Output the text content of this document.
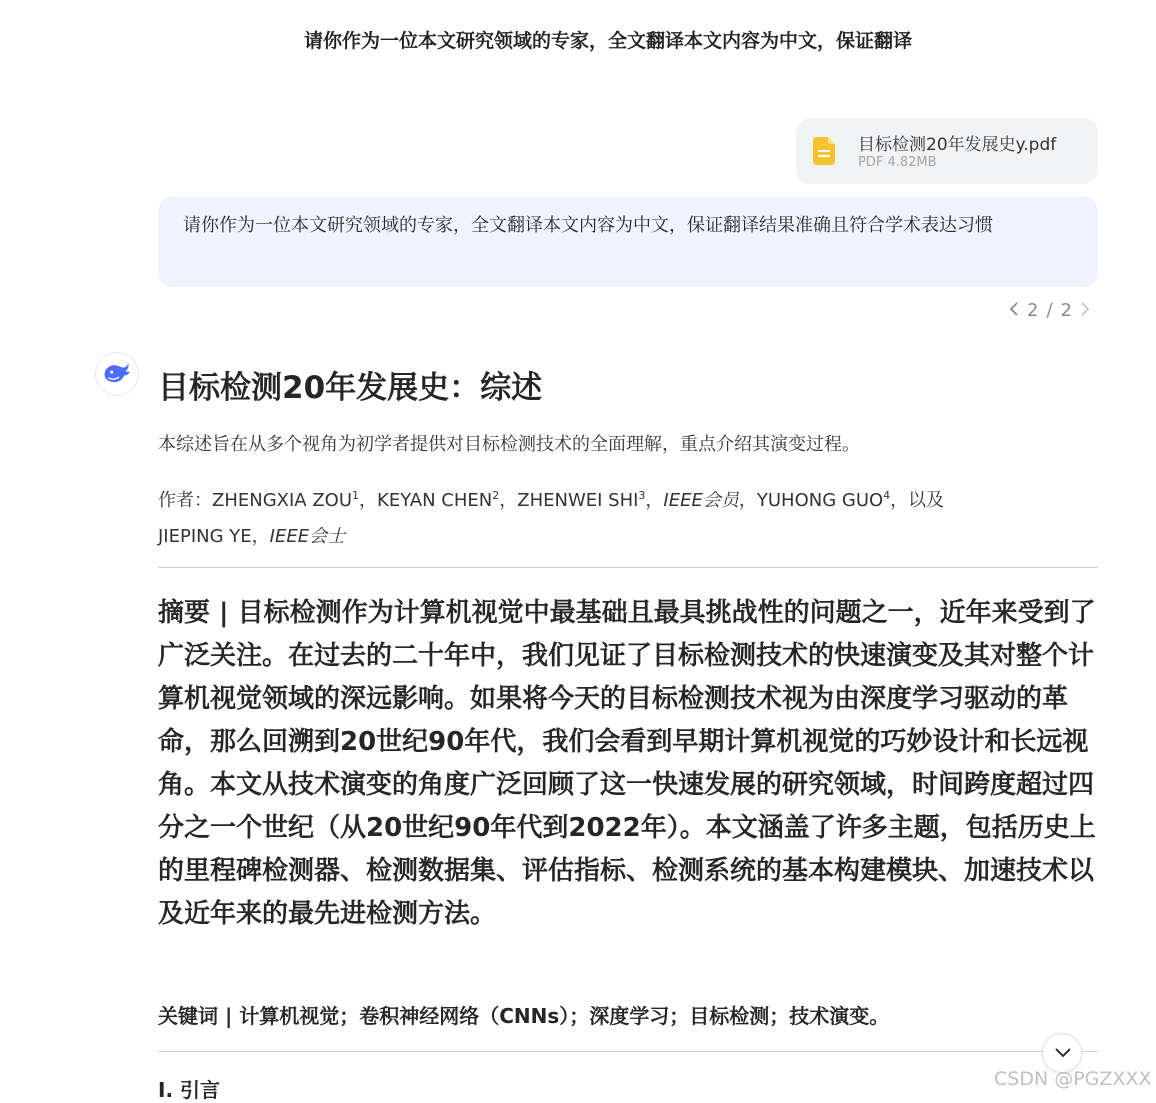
请你作为一位本文研究领域的专家，全文翻译本文内容为中文，保证翻译
目标检测20年发展史y.pdf
PDF 4.82MB
请你作为一位本文研究领域的专家，全文翻译本文内容为中文，保证翻译结果准确且符合学术表达习惯
2 / 2
目标检测20年发展史：综述
本综述旨在从多个视角为初学者提供对目标检测技术的全面理解，重点介绍其演变过程。
作者：ZHENGXIA ZOU$^1$，KEYAN CHEN$^2$，ZHENWEI SHI$^3$，IEEE会员，YUHONG GUO$^4$，以及
JIEPING YE，IEEE会士
摘要 | 目标检测作为计算机视觉中最基础且最具挑战性的问题之一，近年来受到了广泛关注。在过去的二十年中，我们见证了目标检测技术的快速演变及其对整个计算机视觉领域的深远影响。如果将今天的目标检测技术视为由深度学习驱动的革命，那么回溯到20世纪90年代，我们会看到早期计算机视觉的巧妙设计和长远视角。本文从技术演变的角度广泛回顾了这一快速发展的研究领域，时间跨度超过四分之一个世纪（从20世纪90年代到2022年）。本文涵盖了许多主题，包括历史上的里程碑检测器、检测数据集、评估指标、检测系统的基本构建模块、加速技术以及近年来的最先进检测方法。
关键词 | 计算机视觉；卷积神经网络（CNNs）；深度学习；目标检测；技术演变。
I. 引言	CSDN @PGZXXX
